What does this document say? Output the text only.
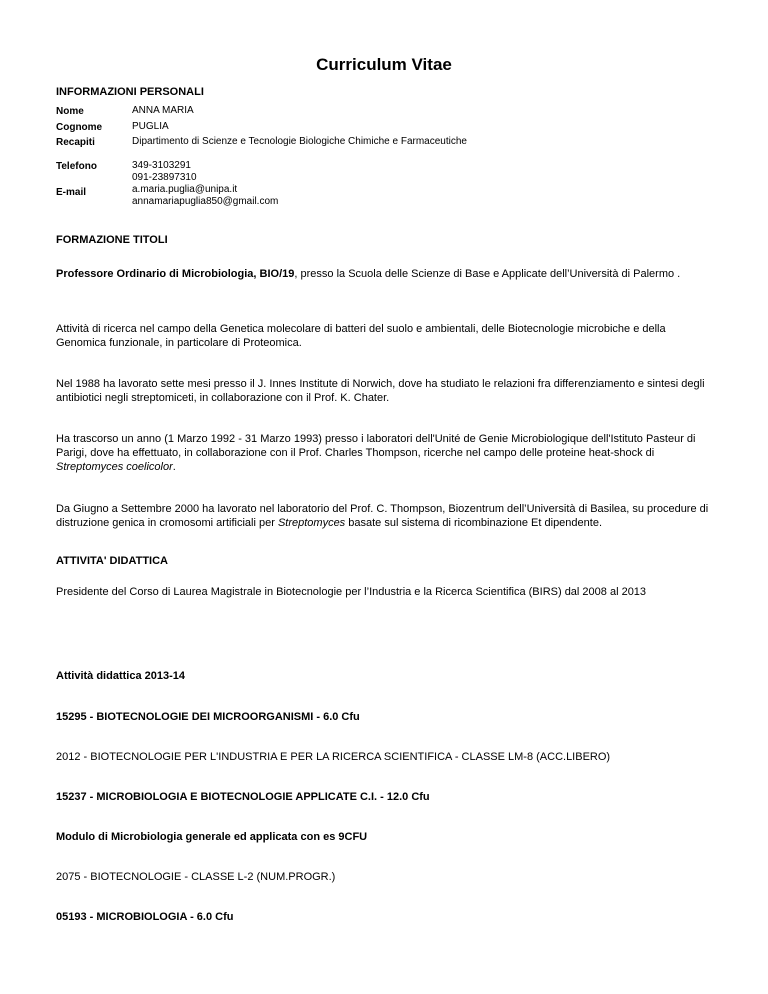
Curriculum Vitae
INFORMAZIONI PERSONALI
Nome	ANNA MARIA
Cognome	PUGLIA
Recapiti	Dipartimento di Scienze e Tecnologie Biologiche Chimiche e Farmaceutiche
Telefono	349-3103291
091-23897310
E-mail	a.maria.puglia@unipa.it
annamariapuglia850@gmail.com
FORMAZIONE TITOLI
Professore Ordinario di Microbiologia, BIO/19, presso la Scuola delle Scienze di Base e Applicate dell’Università di Palermo .
Attività di ricerca nel campo della Genetica molecolare di batteri del suolo e ambientali, delle Biotecnologie microbiche e della Genomica funzionale, in particolare di Proteomica.
Nel 1988 ha lavorato sette mesi presso il J. Innes Institute di Norwich, dove ha studiato le relazioni fra differenziamento e sintesi degli antibiotici negli streptomiceti, in collaborazione con il Prof. K. Chater.
Ha trascorso un anno (1 Marzo 1992 - 31 Marzo 1993) presso i laboratori dell'Unité de Genie Microbiologique dell'Istituto Pasteur di Parigi, dove ha effettuato, in collaborazione con il Prof. Charles Thompson, ricerche nel campo delle proteine heat-shock di Streptomyces coelicolor.
Da Giugno a Settembre 2000 ha lavorato nel laboratorio del Prof. C. Thompson, Biozentrum dell’Università di Basilea, su procedure di distruzione genica in cromosomi artificiali per Streptomyces basate sul sistema di ricombinazione Et dipendente.
ATTIVITA' DIDATTICA
Presidente del Corso di Laurea Magistrale in Biotecnologie per l’Industria e la Ricerca Scientifica (BIRS) dal 2008 al 2013
Attività didattica 2013-14
15295 - BIOTECNOLOGIE DEI MICROORGANISMI - 6.0 Cfu
2012 - BIOTECNOLOGIE PER L'INDUSTRIA E PER LA RICERCA SCIENTIFICA - CLASSE LM-8 (ACC.LIBERO)
15237 - MICROBIOLOGIA E BIOTECNOLOGIE APPLICATE C.I. - 12.0 Cfu
Modulo di Microbiologia generale ed applicata con es 9CFU
2075 - BIOTECNOLOGIE - CLASSE L-2 (NUM.PROGR.)
05193 - MICROBIOLOGIA - 6.0 Cfu
